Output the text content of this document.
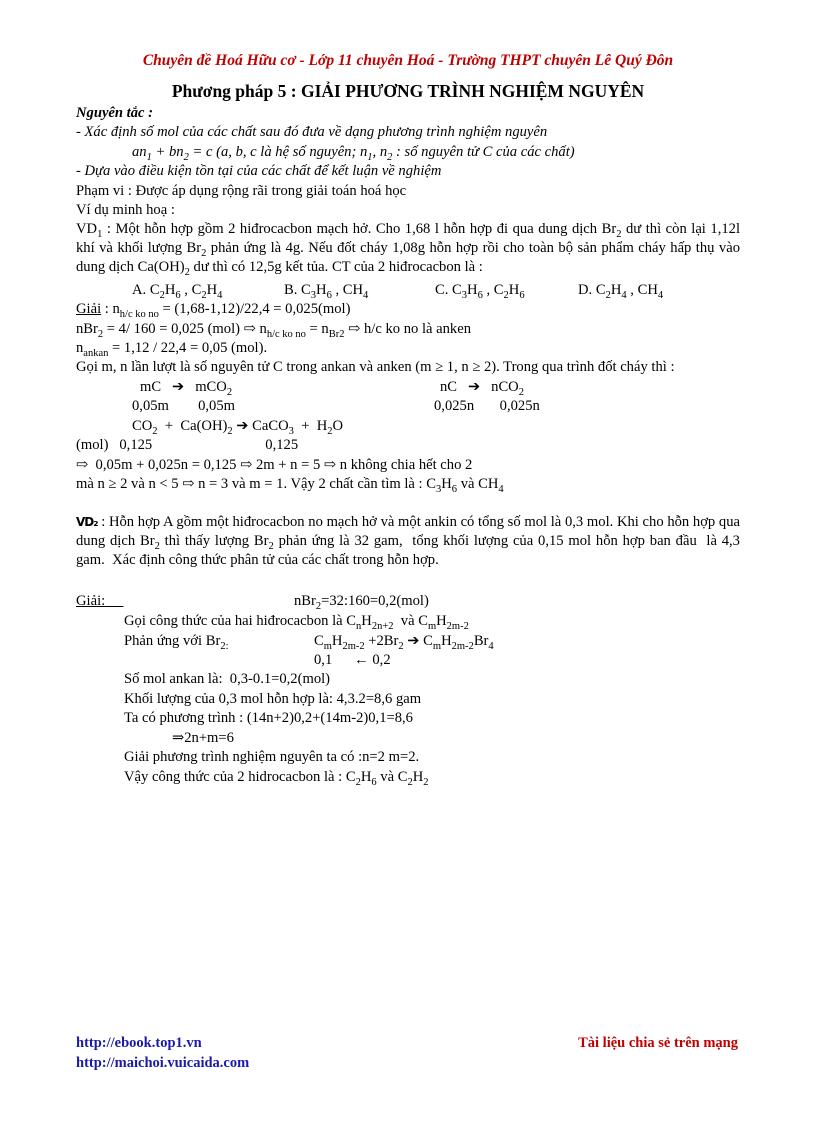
Chuyên đề Hoá Hữu cơ - Lớp 11 chuyên Hoá - Trường THPT chuyên Lê Quý Đôn
Phương pháp 5 : GIẢI PHƯƠNG TRÌNH NGHIỆM NGUYÊN
Nguyên tắc :
- Xác định số mol của các chất sau đó đưa về dạng phương trình nghiệm nguyên
$an_1 + bn_2 = c$ (a, b, c là hệ số nguyên; $n_1$, $n_2$ : số nguyên tử C của các chất)
- Dựa vào điều kiện tồn tại của các chất để kết luận về nghiệm
Phạm vi : Được áp dụng rộng rãi trong giải toán hoá học
Ví dụ minh hoạ :
$VD_1$ : Một hỗn hợp gồm 2 hiđrocacbon mạch hở. Cho 1,68 l hỗn hợp đi qua dung dịch $Br_2$ dư thì còn lại 1,12l khí và khối lượng $Br_2$ phản ứng là 4g. Nếu đốt cháy 1,08g hỗn hợp rồi cho toàn bộ sản phẩm cháy hấp thụ vào dung dịch $Ca(OH)_2$ dư thì có 12,5g kết tủa. CT của 2 hiđrocacbon là :
A. $C_2H_6$ , $C_2H_4$	B. $C_3H_6$ , $CH_4$	C. $C_3H_6$ , $C_2H_6$	D. $C_2H_4$ , $CH_4$
Giải : $n_{h/c ko no} = (1,68-1,12)/22,4 = 0,025(mol)$
nBr$_2$ = 4/ 160 = 0,025 (mol) ⇨ $n_{h/c ko no} = n_{Br2}$ ⇨ h/c ko no là anken
$n_{ankan} = 1,12 / 22,4 = 0,05$ (mol).
Gọi m, n lần lượt là số nguyên tử C trong ankan và anken (m ≥ 1, n ≥ 2). Trong qua trình đốt cháy thì :
mC   ➔   mCO$_2$	nC   ➔   nCO$_2$
0,05m        0,05m	0,025n       0,025n
$CO_2 + Ca(OH)_2$ ➔ CaCO$_3$  +  $H_2O$
(mol)   0,125                               0,125
⇨  0,05m + 0,025n = 0,125 ⇨ 2m + n = 5 ⇨ n không chia hết cho 2
mà n ≥ 2 và n < 5 ⇨ n = 3 và m = 1. Vậy 2 chất cần tìm là : $C_3H_6$ và $CH_4$
VD₂ : Hỗn hợp A gồm một hiđrocacbon no mạch hở và một ankin có tổng số mol là 0,3 mol. Khi cho hỗn hợp qua dung dịch $Br_2$ thì thấy lượng $Br_2$ phản ứng là 32 gam,  tổng khối lượng của 0,15 mol hỗn hợp ban đầu  là 4,3 gam.  Xác định công thức phân tử của các chất trong hỗn hợp.
Giải:	nBr$_2$=32:160=0,2(mol)
Gọi công thức của hai hiđrocacbon là $C_nH_{2n+2}$  và $C_mH_{2m-2}$
Phản ứng với $Br_{2:}$	$C_mH_{2m-2} +2Br_2$ ➔ $C_mH_{2m-2}Br_4$
0,1      ← 0,2
Số mol ankan là:  0,3-0.1=0,2(mol)
Khối lượng của 0,3 mol hỗn hợp là: 4,3.2=8,6 gam
Ta có phương trình : (14n+2)0,2+(14m-2)0,1=8,6
⇒2n+m=6
Giải phương trình nghiệm nguyên ta có :n=2 m=2.
Vậy công thức của 2 hidrocacbon là : $C_2H_6$ và $C_2H_2$
http://ebook.top1.vn
http://maichoi.vuicaida.com
Tài liệu chia sẻ trên mạng
